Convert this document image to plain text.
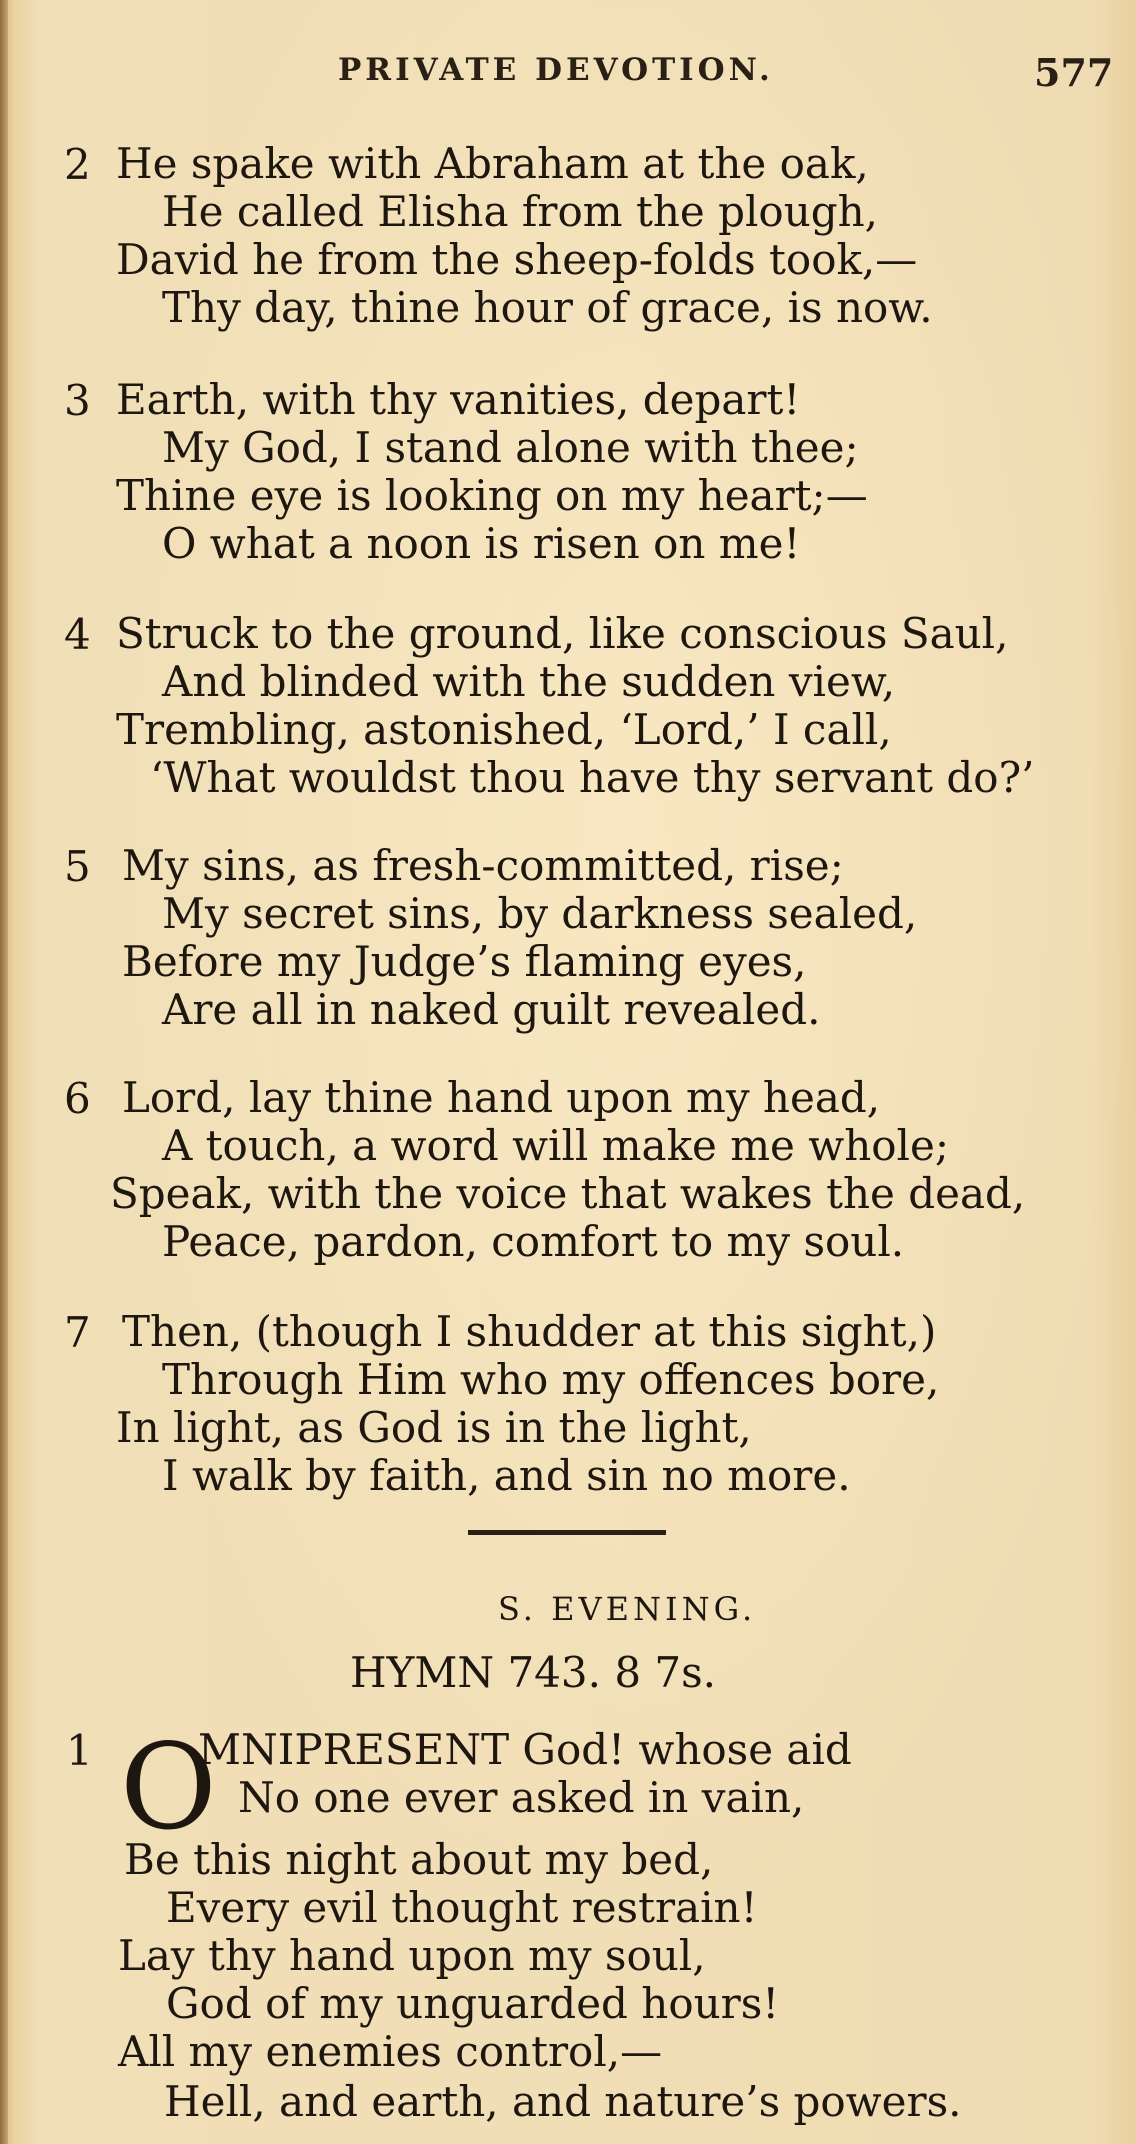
PRIVATE DEVOTION.	577
2 He spake with Abraham at the oak,
He called Elisha from the plough,
David he from the sheep-folds took,—
Thy day, thine hour of grace, is now.
3 Earth, with thy vanities, depart!
My God, I stand alone with thee;
Thine eye is looking on my heart;—
O what a noon is risen on me!
4 Struck to the ground, like conscious Saul,
And blinded with the sudden view,
Trembling, astonished, ‘Lord,’ I call,
‘What wouldst thou have thy servant do?’
5 My sins, as fresh-committed, rise;
My secret sins, by darkness sealed,
Before my Judge’s flaming eyes,
Are all in naked guilt revealed.
6 Lord, lay thine hand upon my head,
A touch, a word will make me whole;
Speak, with the voice that wakes the dead,
Peace, pardon, comfort to my soul.
7 Then, (though I shudder at this sight,)
Through Him who my offences bore,
In light, as God is in the light,
I walk by faith, and sin no more.
S. EVENING.
HYMN 743. 8 7s.
1	MNIPRESENT God! whose aid
No one ever asked in vain,
Be this night about my bed,
Every evil thought restrain!
Lay thy hand upon my soul,
God of my unguarded hours!
All my enemies control,—
Hell, and earth, and nature’s powers.
O
